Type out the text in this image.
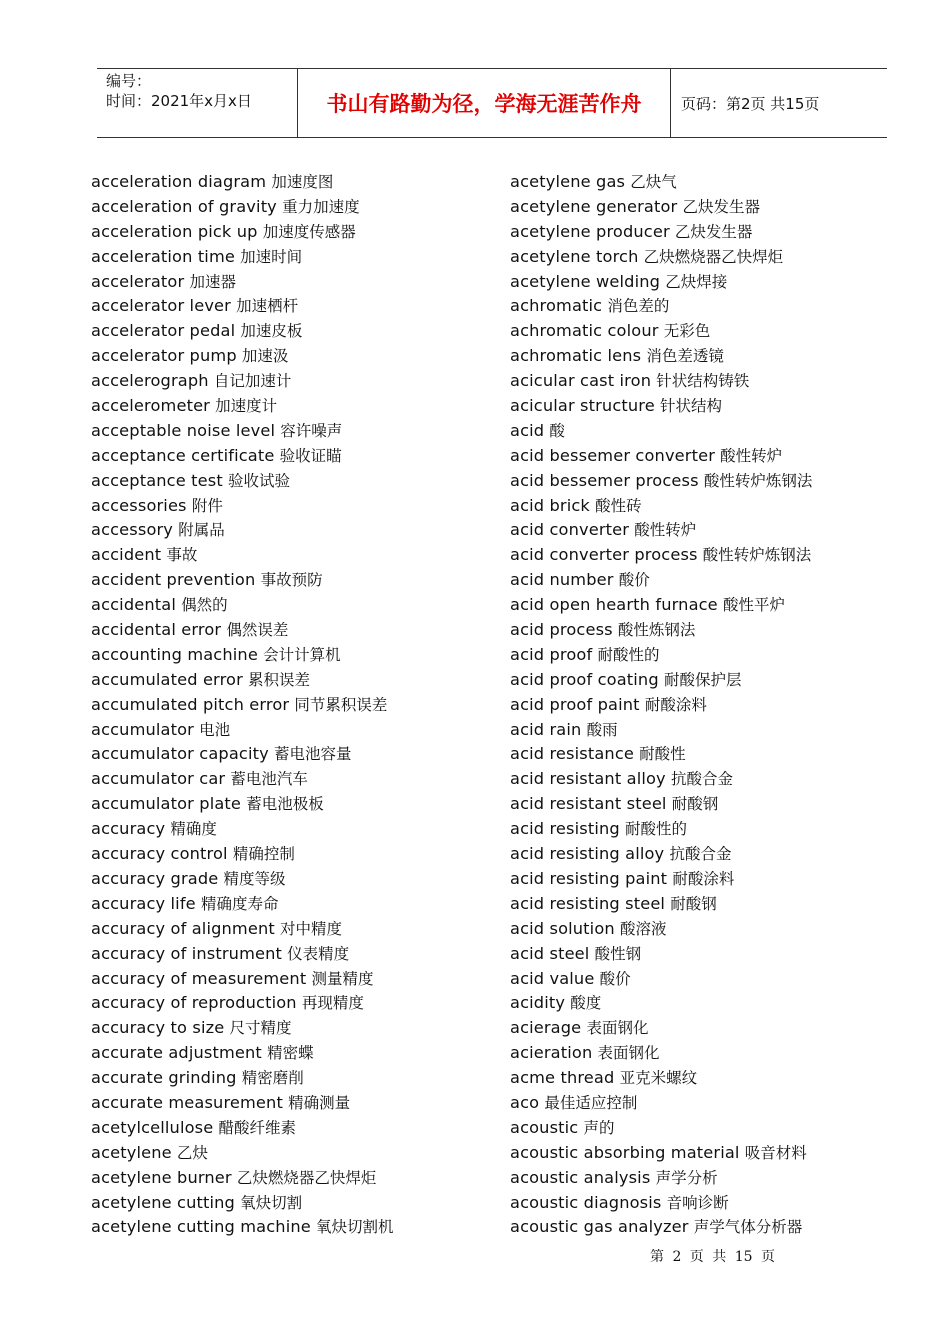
编号：
时间：2021年x月x日	书山有路勤为径，学海无涯苦作舟	页码：第2页 共15页
acceleration diagram 加速度图
acceleration of gravity 重力加速度
acceleration pick up 加速度传感器
acceleration time 加速时间
accelerator 加速器
accelerator lever 加速栖杆
accelerator pedal 加速皮板
accelerator pump 加速汲
accelerograph 自记加速计
accelerometer 加速度计
acceptable noise level 容许噪声
acceptance certificate 验收证瞄
acceptance test 验收试验
accessories 附件
accessory 附属品
accident 事故
accident prevention 事故预防
accidental 偶然的
accidental error 偶然误差
accounting machine 会计计算机
accumulated error 累积误差
accumulated pitch error 同节累积误差
accumulator 电池
accumulator capacity 蓄电池容量
accumulator car 蓄电池汽车
accumulator plate 蓄电池极板
accuracy 精确度
accuracy control 精确控制
accuracy grade 精度等级
accuracy life 精确度寿命
accuracy of alignment 对中精度
accuracy of instrument 仪表精度
accuracy of measurement 测量精度
accuracy of reproduction 再现精度
accuracy to size 尺寸精度
accurate adjustment 精密蝶
accurate grinding 精密磨削
accurate measurement 精确测量
acetylcellulose 醋酸纤维素
acetylene 乙炔
acetylene burner 乙炔燃烧器乙快焊炬
acetylene cutting 氧炔切割
acetylene cutting machine 氧炔切割机
acetylene gas 乙炔气
acetylene generator 乙炔发生器
acetylene producer 乙炔发生器
acetylene torch 乙炔燃烧器乙快焊炬
acetylene welding 乙炔焊接
achromatic 消色差的
achromatic colour 无彩色
achromatic lens 消色差透镜
acicular cast iron 针状结构铸铁
acicular structure 针状结构
acid 酸
acid bessemer converter 酸性转炉
acid bessemer process 酸性转炉炼钢法
acid brick 酸性砖
acid converter 酸性转炉
acid converter process 酸性转炉炼钢法
acid number 酸价
acid open hearth furnace 酸性平炉
acid process 酸性炼钢法
acid proof 耐酸性的
acid proof coating 耐酸保护层
acid proof paint 耐酸涂料
acid rain 酸雨
acid resistance 耐酸性
acid resistant alloy 抗酸合金
acid resistant steel 耐酸钢
acid resisting 耐酸性的
acid resisting alloy 抗酸合金
acid resisting paint 耐酸涂料
acid resisting steel 耐酸钢
acid solution 酸溶液
acid steel 酸性钢
acid value 酸价
acidity 酸度
acierage 表面钢化
acieration 表面钢化
acme thread 亚克米螺纹
aco 最佳适应控制
acoustic 声的
acoustic absorbing material 吸音材料
acoustic analysis 声学分析
acoustic diagnosis 音响诊断
acoustic gas analyzer 声学气体分析器
第 2 页 共 15 页
